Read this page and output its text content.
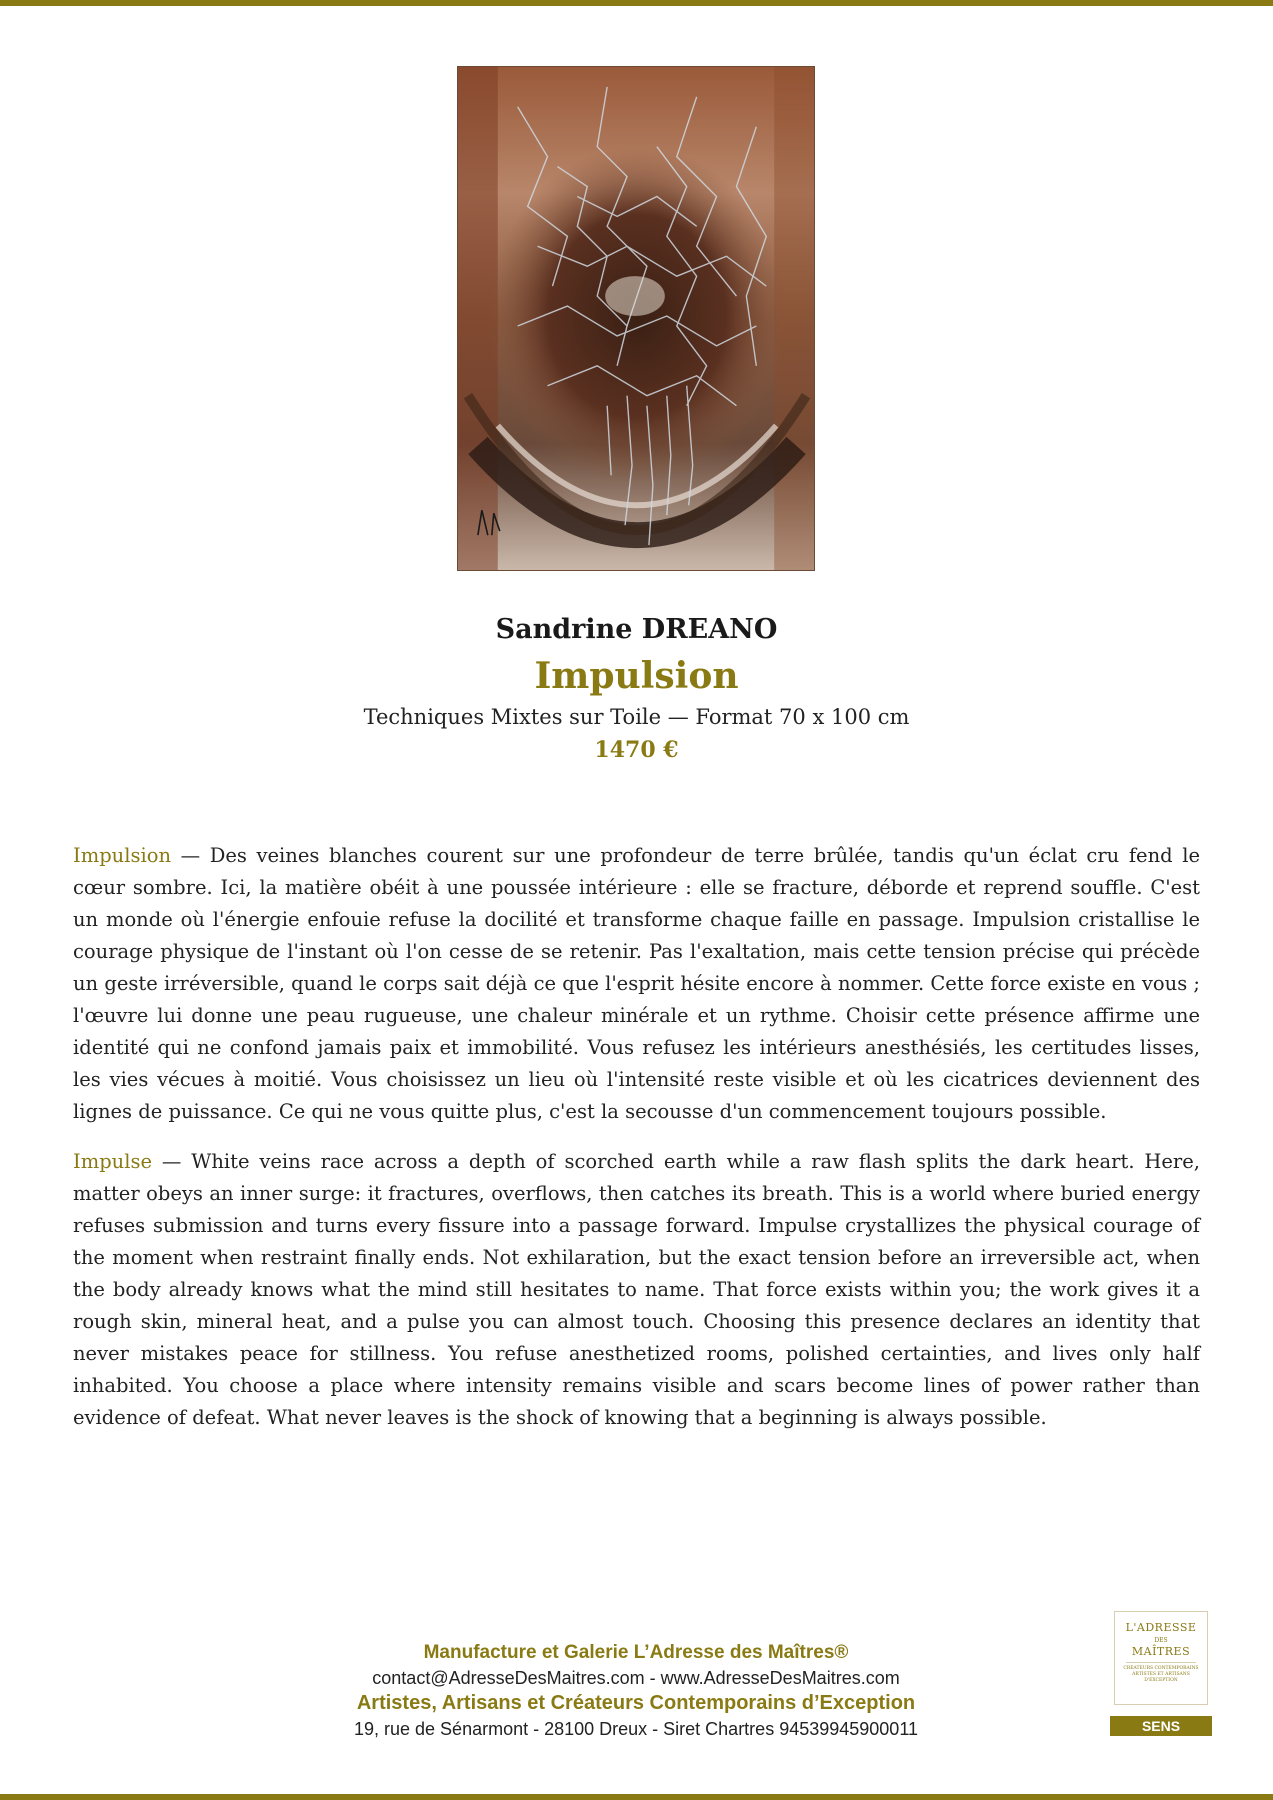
Sandrine DREANO
Impulsion
Techniques Mixtes sur Toile — Format 70 x 100 cm
1470 €

Impulsion — Des veines blanches courent sur une profondeur de terre brûlée, tandis qu'un éclat cru fend le cœur sombre. Ici, la matière obéit à une poussée intérieure : elle se fracture, déborde et reprend souffle. C'est un monde où l'énergie enfouie refuse la docilité et transforme chaque faille en passage. Impulsion cristallise le courage physique de l'instant où l'on cesse de se retenir. Pas l'exaltation, mais cette tension précise qui précède un geste irréversible, quand le corps sait déjà ce que l'esprit hésite encore à nommer. Cette force existe en vous ; l'œuvre lui donne une peau rugueuse, une chaleur minérale et un rythme. Choisir cette présence affirme une identité qui ne confond jamais paix et immobilité. Vous refusez les intérieurs anesthésiés, les certitudes lisses, les vies vécues à moitié. Vous choisissez un lieu où l'intensité reste visible et où les cicatrices deviennent des lignes de puissance. Ce qui ne vous quitte plus, c'est la secousse d'un commencement toujours possible.

Impulse — White veins race across a depth of scorched earth while a raw flash splits the dark heart. Here, matter obeys an inner surge: it fractures, overflows, then catches its breath. This is a world where buried energy refuses submission and turns every fissure into a passage forward. Impulse crystallizes the physical courage of the moment when restraint finally ends. Not exhilaration, but the exact tension before an irreversible act, when the body already knows what the mind still hesitates to name. That force exists within you; the work gives it a rough skin, mineral heat, and a pulse you can almost touch. Choosing this presence declares an identity that never mistakes peace for stillness. You refuse anesthetized rooms, polished certainties, and lives only half inhabited. You choose a place where intensity remains visible and scars become lines of power rather than evidence of defeat. What never leaves is the shock of knowing that a beginning is always possible.

Manufacture et Galerie L’Adresse des Maîtres®
contact@AdresseDesMaitres.com - www.AdresseDesMaitres.com
Artistes, Artisans et Créateurs Contemporains d’Exception
19, rue de Sénarmont - 28100 Dreux - Siret Chartres 94539945900011
L'ADRESSE
DES
MAÎTRES
CRÉATEURS CONTEMPORAINS ARTISTES ET ARTISANS D'EXCEPTION
SENS
